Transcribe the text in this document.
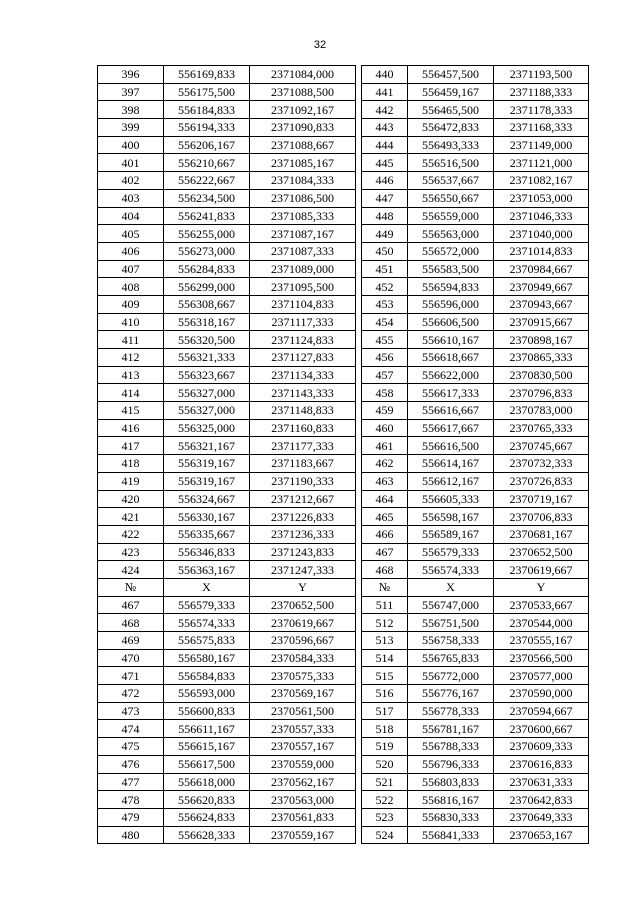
32
396	556169,833	2371084,000
397	556175,500	2371088,500
398	556184,833	2371092,167
399	556194,333	2371090,833
400	556206,167	2371088,667
401	556210,667	2371085,167
402	556222,667	2371084,333
403	556234,500	2371086,500
404	556241,833	2371085,333
405	556255,000	2371087,167
406	556273,000	2371087,333
407	556284,833	2371089,000
408	556299,000	2371095,500
409	556308,667	2371104,833
410	556318,167	2371117,333
411	556320,500	2371124,833
412	556321,333	2371127,833
413	556323,667	2371134,333
414	556327,000	2371143,333
415	556327,000	2371148,833
416	556325,000	2371160,833
417	556321,167	2371177,333
418	556319,167	2371183,667
419	556319,167	2371190,333
420	556324,667	2371212,667
421	556330,167	2371226,833
422	556335,667	2371236,333
423	556346,833	2371243,833
424	556363,167	2371247,333
№	X	Y
467	556579,333	2370652,500
468	556574,333	2370619,667
469	556575,833	2370596,667
470	556580,167	2370584,333
471	556584,833	2370575,333
472	556593,000	2370569,167
473	556600,833	2370561,500
474	556611,167	2370557,333
475	556615,167	2370557,167
476	556617,500	2370559,000
477	556618,000	2370562,167
478	556620,833	2370563,000
479	556624,833	2370561,833
480	556628,333	2370559,167
440	556457,500	2371193,500
441	556459,167	2371188,333
442	556465,500	2371178,333
443	556472,833	2371168,333
444	556493,333	2371149,000
445	556516,500	2371121,000
446	556537,667	2371082,167
447	556550,667	2371053,000
448	556559,000	2371046,333
449	556563,000	2371040,000
450	556572,000	2371014,833
451	556583,500	2370984,667
452	556594,833	2370949,667
453	556596,000	2370943,667
454	556606,500	2370915,667
455	556610,167	2370898,167
456	556618,667	2370865,333
457	556622,000	2370830,500
458	556617,333	2370796,833
459	556616,667	2370783,000
460	556617,667	2370765,333
461	556616,500	2370745,667
462	556614,167	2370732,333
463	556612,167	2370726,833
464	556605,333	2370719,167
465	556598,167	2370706,833
466	556589,167	2370681,167
467	556579,333	2370652,500
468	556574,333	2370619,667
№	X	Y
511	556747,000	2370533,667
512	556751,500	2370544,000
513	556758,333	2370555,167
514	556765,833	2370566,500
515	556772,000	2370577,000
516	556776,167	2370590,000
517	556778,333	2370594,667
518	556781,167	2370600,667
519	556788,333	2370609,333
520	556796,333	2370616,833
521	556803,833	2370631,333
522	556816,167	2370642,833
523	556830,333	2370649,333
524	556841,333	2370653,167
